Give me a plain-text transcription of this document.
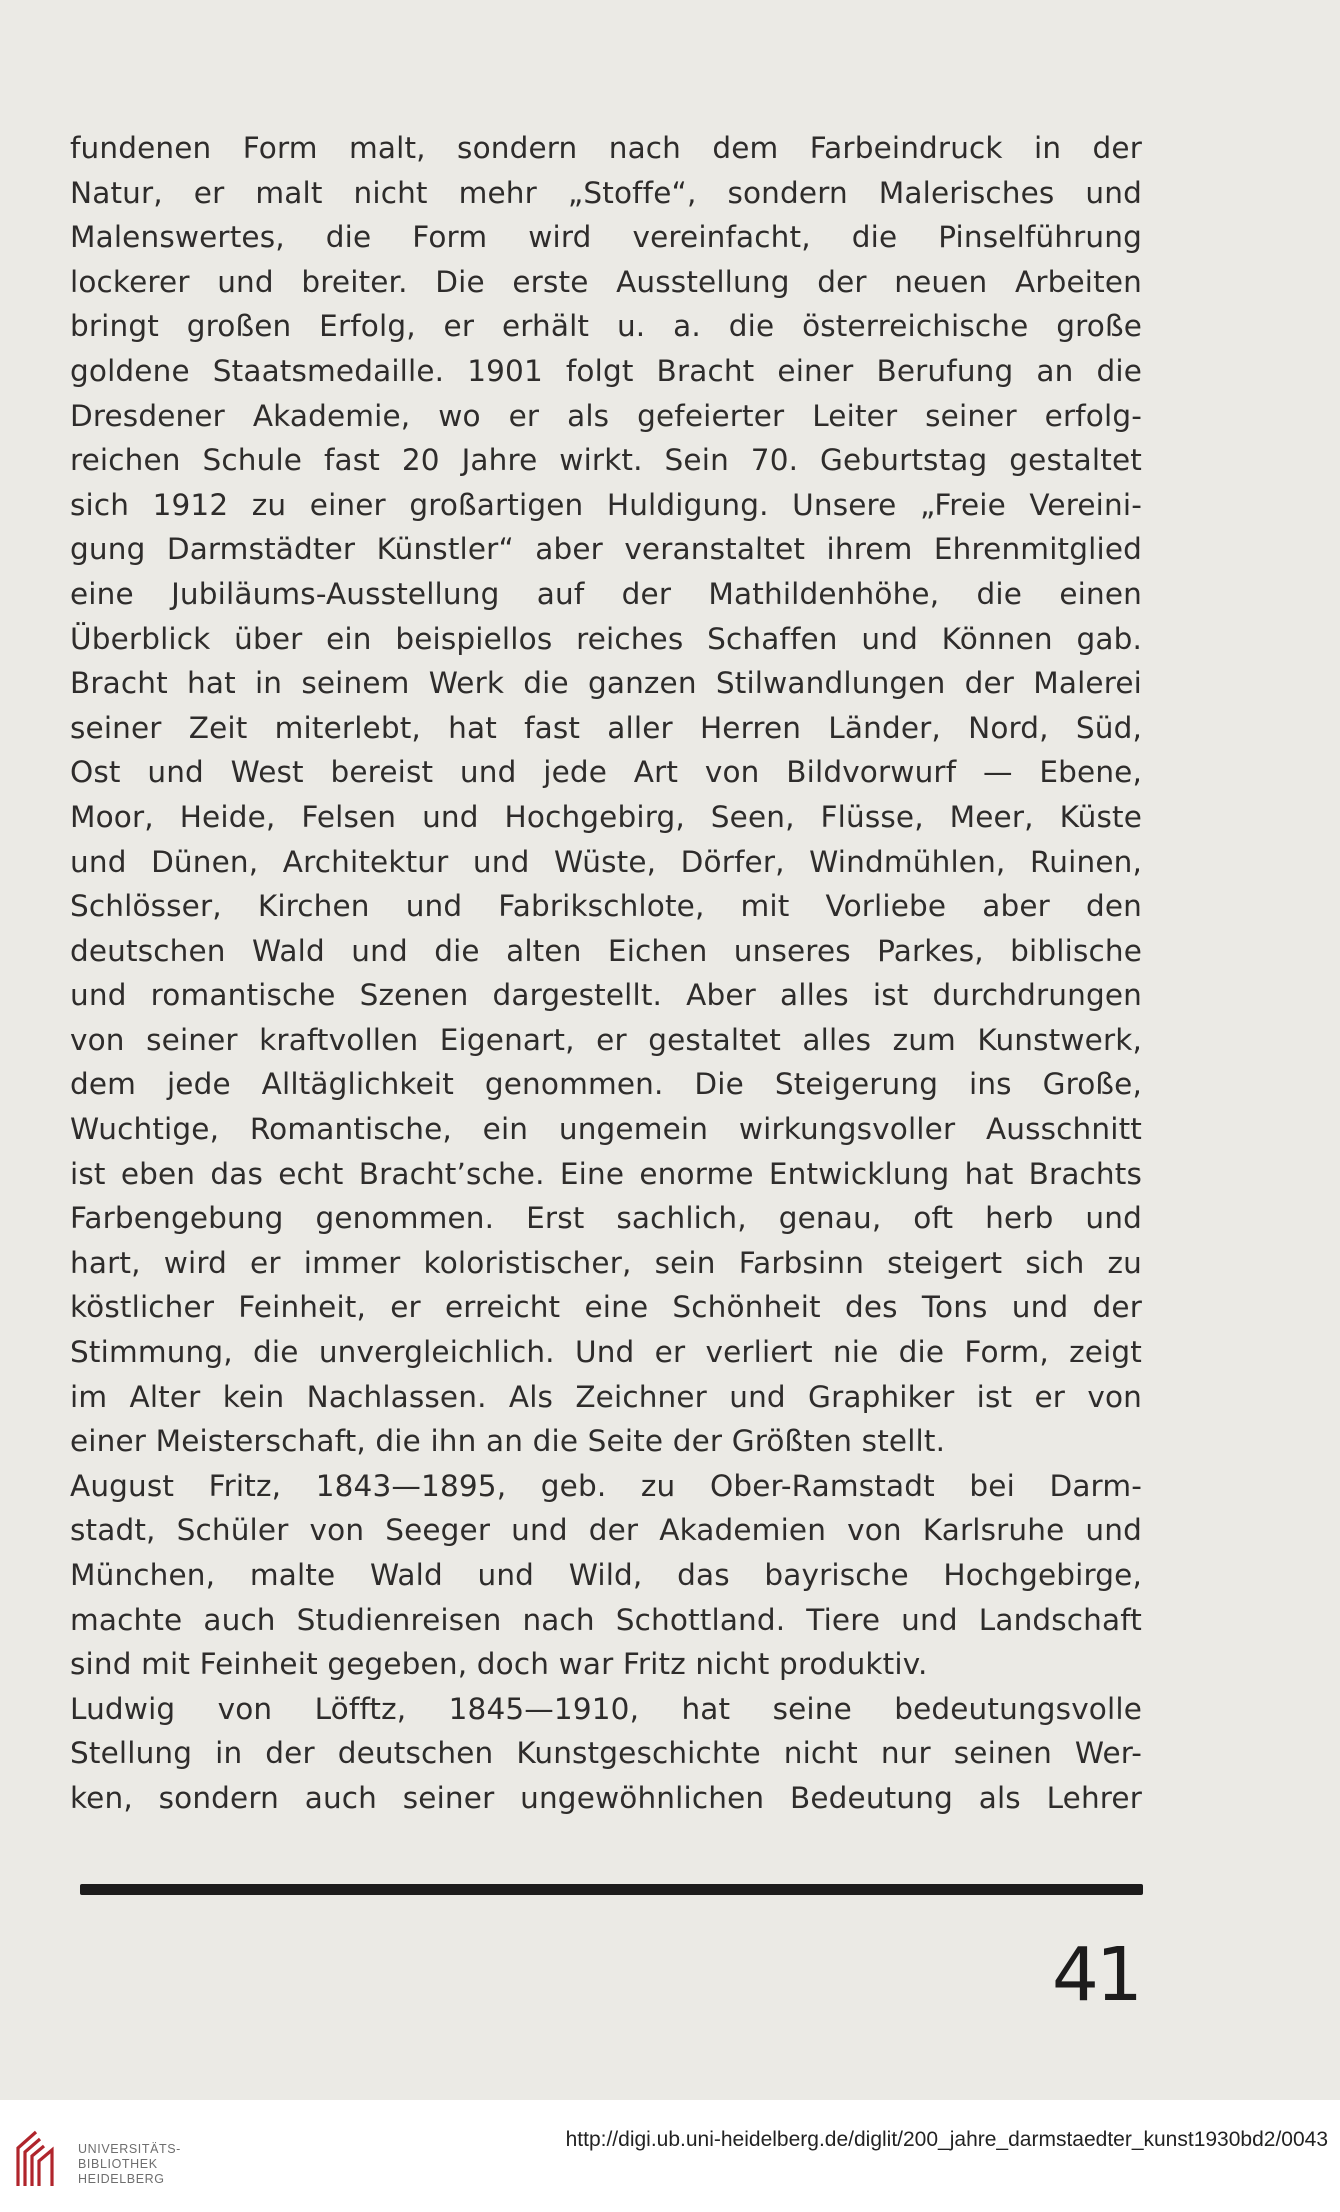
fundenen Form malt, sondern nach dem Farbeindruck in der
Natur, er malt nicht mehr „Stoffe“, sondern Malerisches und
Malenswertes, die Form wird vereinfacht, die Pinselführung
lockerer und breiter. Die erste Ausstellung der neuen Arbeiten
bringt großen Erfolg, er erhält u. a. die österreichische große
goldene Staatsmedaille. 1901 folgt Bracht einer Berufung an die
Dresdener Akademie, wo er als gefeierter Leiter seiner erfolg-
reichen Schule fast 20 Jahre wirkt. Sein 70. Geburtstag gestaltet
sich 1912 zu einer großartigen Huldigung. Unsere „Freie Vereini-
gung Darmstädter Künstler“ aber veranstaltet ihrem Ehrenmitglied
eine Jubiläums-Ausstellung auf der Mathildenhöhe, die einen
Überblick über ein beispiellos reiches Schaffen und Können gab.
Bracht hat in seinem Werk die ganzen Stilwandlungen der Malerei
seiner Zeit miterlebt, hat fast aller Herren Länder, Nord, Süd,
Ost und West bereist und jede Art von Bildvorwurf — Ebene,
Moor, Heide, Felsen und Hochgebirg, Seen, Flüsse, Meer, Küste
und Dünen, Architektur und Wüste, Dörfer, Windmühlen, Ruinen,
Schlösser, Kirchen und Fabrikschlote, mit Vorliebe aber den
deutschen Wald und die alten Eichen unseres Parkes, biblische
und romantische Szenen dargestellt. Aber alles ist durchdrungen
von seiner kraftvollen Eigenart, er gestaltet alles zum Kunstwerk,
dem jede Alltäglichkeit genommen. Die Steigerung ins Große,
Wuchtige, Romantische, ein ungemein wirkungsvoller Ausschnitt
ist eben das echt Bracht’sche. Eine enorme Entwicklung hat Brachts
Farbengebung genommen. Erst sachlich, genau, oft herb und
hart, wird er immer koloristischer, sein Farbsinn steigert sich zu
köstlicher Feinheit, er erreicht eine Schönheit des Tons und der
Stimmung, die unvergleichlich. Und er verliert nie die Form, zeigt
im Alter kein Nachlassen. Als Zeichner und Graphiker ist er von
einer Meisterschaft, die ihn an die Seite der Größten stellt.
August Fritz, 1843—1895, geb. zu Ober-Ramstadt bei Darm-
stadt, Schüler von Seeger und der Akademien von Karlsruhe und
München, malte Wald und Wild, das bayrische Hochgebirge,
machte auch Studienreisen nach Schottland. Tiere und Landschaft
sind mit Feinheit gegeben, doch war Fritz nicht produktiv.
Ludwig von Löfftz, 1845—1910, hat seine bedeutungsvolle
Stellung in der deutschen Kunstgeschichte nicht nur seinen Wer-
ken, sondern auch seiner ungewöhnlichen Bedeutung als Lehrer
41
UNIVERSITÄTS-
BIBLIOTHEK
HEIDELBERG
http://digi.ub.uni-heidelberg.de/diglit/200_jahre_darmstaedter_kunst1930bd2/0043
